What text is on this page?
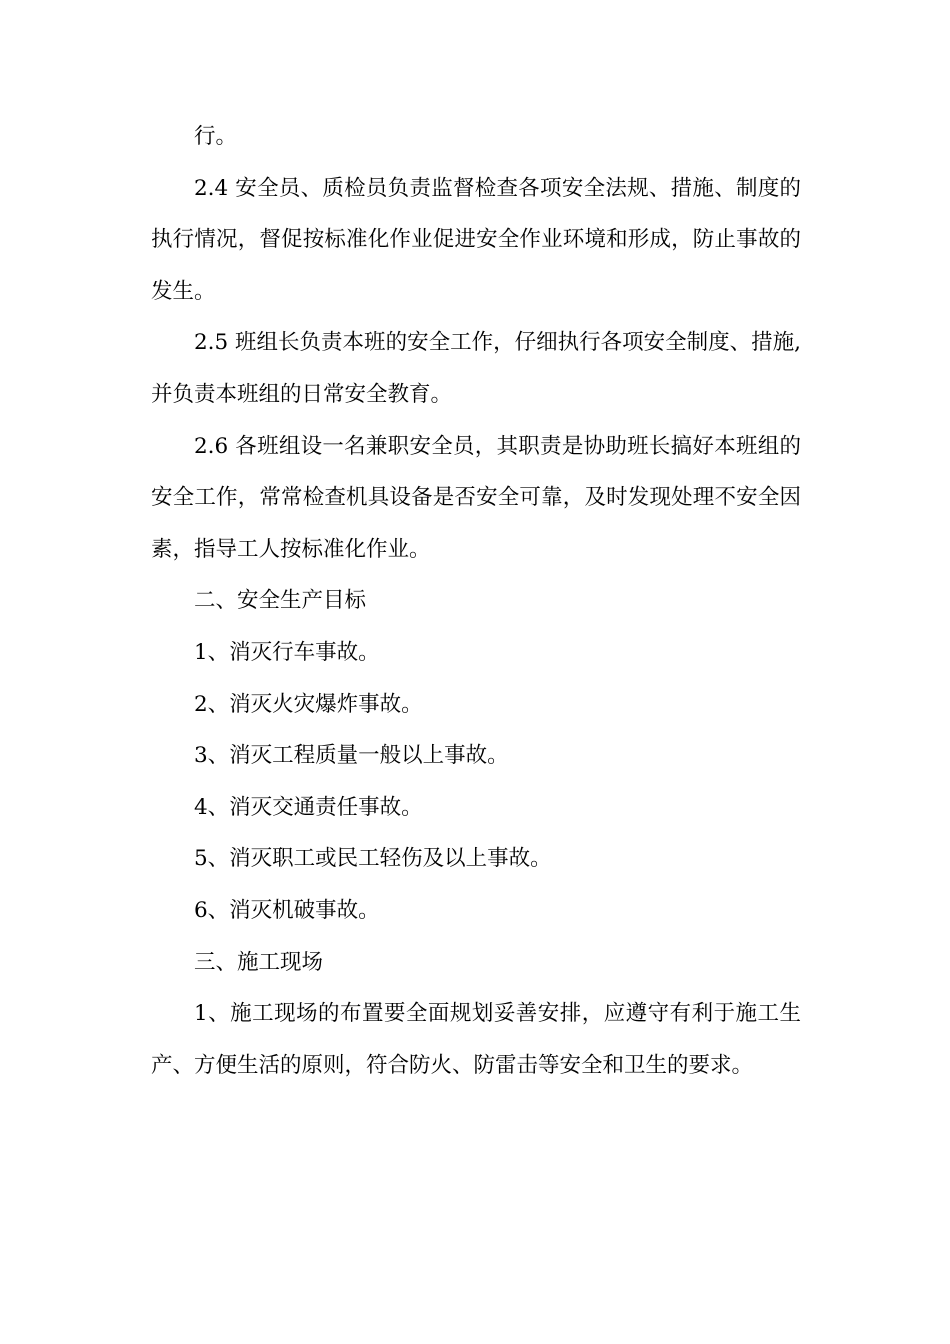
行。

2.4 安全员、质检员负责监督检查各项安全法规、措施、制度的执行情况，督促按标准化作业促进安全作业环境和形成，防止事故的发生。

2.5 班组长负责本班的安全工作，仔细执行各项安全制度、措施,并负责本班组的日常安全教育。

2.6 各班组设一名兼职安全员，其职责是协助班长搞好本班组的安全工作，常常检查机具设备是否安全可靠，及时发现处理不安全因素，指导工人按标准化作业。

二、安全生产目标

1、消灭行车事故。

2、消灭火灾爆炸事故。

3、消灭工程质量一般以上事故。

4、消灭交通责任事故。

5、消灭职工或民工轻伤及以上事故。

6、消灭机破事故。

三、施工现场

1、施工现场的布置要全面规划妥善安排，应遵守有利于施工生产、方便生活的原则，符合防火、防雷击等安全和卫生的要求。
